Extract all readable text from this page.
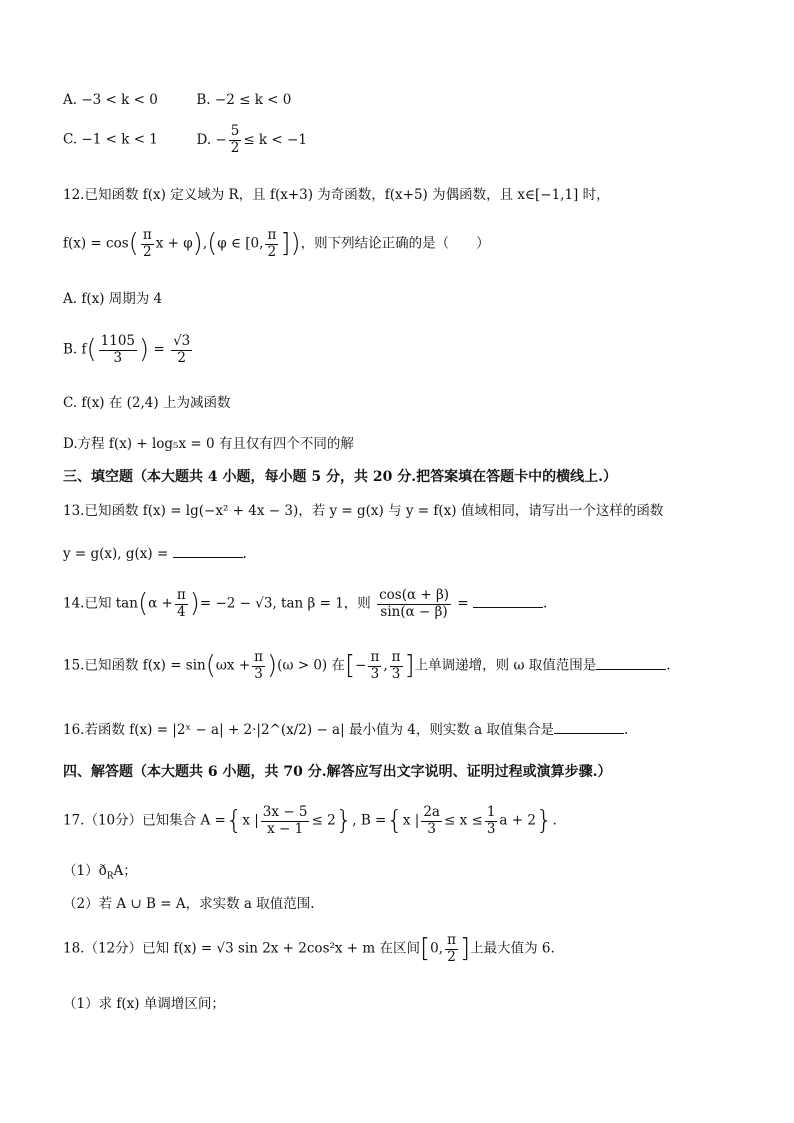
A. −3 < k < 0	B. −2 ≤ k < 0
C. −1 < k < 1	D. − $\frac{5}{2} \le k < -1$
12.已知函数 f(x) 定义域为 R，且 f(x+3) 为奇函数，f(x+5) 为偶函数，且 x∈[−1,1] 时，
$f(x) = \cos( \frac{\pi}{2}$ x + φ),(φ ∈ [0, $\frac{\pi}{2}$ ])，则下列结论正确的是（　　）
A. f(x) 周期为 4
B. $f( \frac{1105}{3}$ ) = $\frac{√3}{2}$
C. f(x) 在 (2,4) 上为减函数
D.方程 f(x) + log₅x = 0 有且仅有四个不同的解
三、填空题（本大题共 4 小题，每小题 5 分，共 20 分.把答案填在答题卡中的横线上.）
13.已知函数 f(x) = lg(−x² + 4x − 3)，若 y = g(x) 与 y = f(x) 值域相同，请写出一个这样的函数
y = g(x), g(x) =	.
14.已知 $\tan(\alpha + \frac{\pi}{4}$ )= −2 − √3, tan β = 1，则 $\frac{\cos(\alpha + \beta)}{\sin(\alpha - \beta)}$ =	.
15.已知函数 $f(x) = \sin(\omega x + \frac{\pi}{3} )(\omega > 0)$ 在[− $\frac{\pi}{3}$ , $\frac{\pi}{3}$ ]上单调递增，则 ω 取值范围是	.
16.若函数 f(x) = |2ˣ − a| + 2·|2^(x/2) − a| 最小值为 4，则实数 a 取值集合是	.
四、解答题（本大题共 6 小题，共 70 分.解答应写出文字说明、证明过程或演算步骤.）
17.（10分）已知集合 A ={x | $\frac{3x - 5}{x - 1} \le 2$}, B ={x | $\frac{2a}{3} \le x \le \frac{1}{3}$ a + 2}.
$(1)ð_RA$；
（2）若 A ∪ B = A，求实数 a 取值范围.
18.（12分）已知 f(x) = √3 sin 2x + 2cos²x + m 在区间[0, $\frac{\pi}{2}$ ]上最大值为 6.
（1）求 f(x) 单调增区间；
